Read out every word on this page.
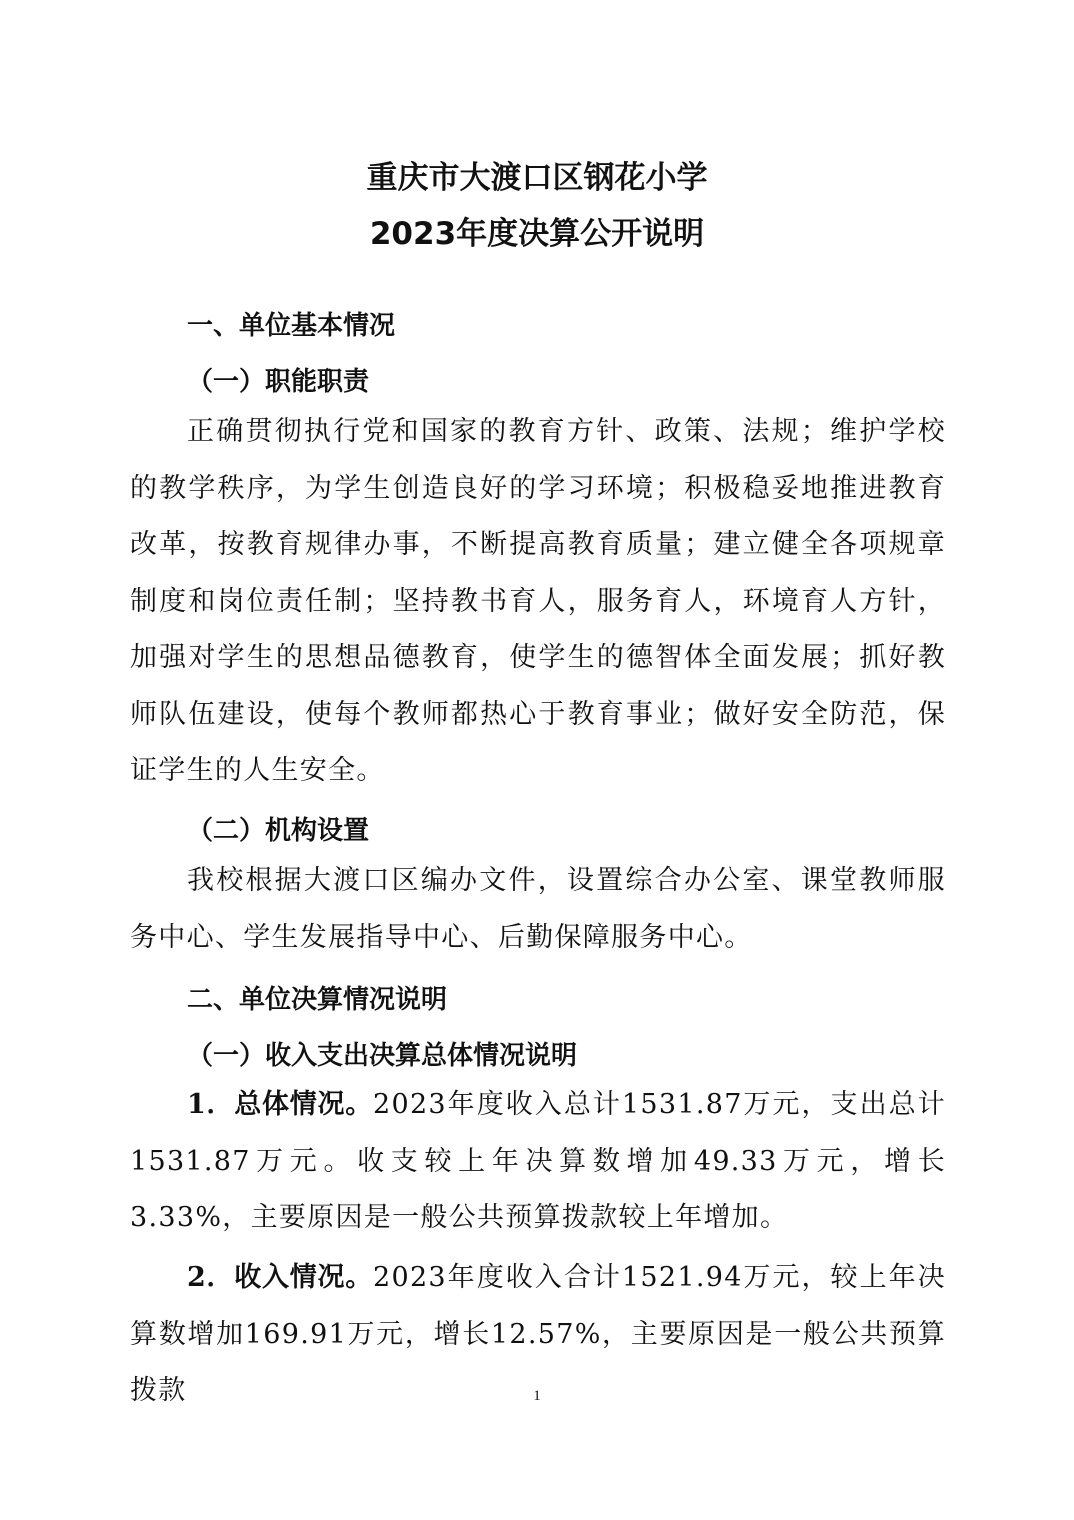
重庆市大渡口区钢花小学
2023年度决算公开说明
一、单位基本情况
（一）职能职责
正确贯彻执行党和国家的教育方针、政策、法规；维护学校的教学秩序，为学生创造良好的学习环境；积极稳妥地推进教育改革，按教育规律办事，不断提高教育质量；建立健全各项规章制度和岗位责任制；坚持教书育人，服务育人，环境育人方针，加强对学生的思想品德教育，使学生的德智体全面发展；抓好教师队伍建设，使每个教师都热心于教育事业；做好安全防范，保证学生的人生安全。
（二）机构设置
我校根据大渡口区编办文件，设置综合办公室、课堂教师服务中心、学生发展指导中心、后勤保障服务中心。
二、单位决算情况说明
（一）收入支出决算总体情况说明
1．总体情况。2023年度收入总计1531.87万元，支出总计1531.87万元。收支较上年决算数增加49.33万元，增长3.33%，主要原因是一般公共预算拨款较上年增加。
2．收入情况。2023年度收入合计1521.94万元，较上年决算数增加169.91万元，增长12.57%，主要原因是一般公共预算拨款	1
